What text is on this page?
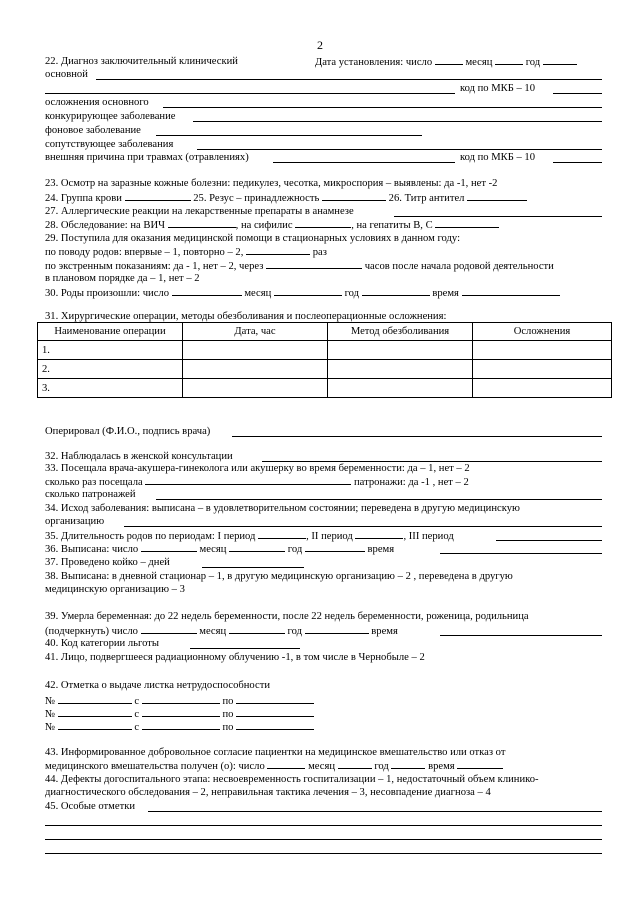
2
22. Диагноз заключительный клинический	Дата установления: число	месяц	год
основной
код по МКБ – 10
осложнения основного
конкурирующее заболевание
фоновое заболевание
сопутствующее заболевания
внешняя причина при травмах (отравлениях)	код по МКБ – 10
23. Осмотр на заразные кожные болезни: педикулез, чесотка, микроспория – выявлены: да -1, нет -2
24. Группа крови	25. Резус – принадлежность	26. Титр антител
27. Аллергические реакции на лекарственные препараты в анамнезе
28. Обследование: на ВИЧ	, на сифилис	, на гепатиты В, С
29. Поступила для оказания медицинской помощи в стационарных условиях в данном году:
по поводу родов: впервые – 1, повторно – 2,	раз
по экстренным показаниям: да - 1, нет – 2, через	часов после начала родовой деятельности
в плановом порядке да – 1, нет – 2
30. Роды произошли: число	месяц	год	время
31. Хирургические операции, методы обезболивания и послеоперационные осложнения:
Наименование операции	Дата, час	Метод обезболивания	Осложнения
1.			
2.			
3.			
Оперировал (Ф.И.О., подпись врача)
32. Наблюдалась в женской консультации
33. Посещала врача-акушера-гинеколога или акушерку во время беременности: да – 1, нет – 2
сколько раз посещала	патронажи: да -1 , нет – 2
сколько патронажей
34. Исход заболевания: выписана – в удовлетворительном состоянии; переведена в другую медицинскую
организацию
35. Длительность родов по периодам: I период	, II период	, III период
36. Выписана: число	месяц	год	время
37. Проведено койко – дней
38. Выписана: в дневной стационар – 1, в другую медицинскую организацию – 2 , переведена в другую
медицинскую организацию – 3
39. Умерла беременная: до 22 недель беременности, после 22 недель беременности, роженица, родильница
(подчеркнуть) число	месяц	год	время
40. Код категории льготы
41. Лицо, подвергшееся радиационному облучению -1, в том числе в Чернобыле – 2
42. Отметка о выдаче листка нетрудоспособности
№	с	по
№	с	по
№	с	по
43. Информированное добровольное согласие пациентки на медицинское вмешательство или отказ от
медицинского вмешательства получен (о): число	месяц	год	время
44. Дефекты догоспитального этапа: несвоевременность госпитализации – 1, недостаточный объем клинико-
диагностического обследования – 2, неправильная тактика лечения – 3, несовпадение диагноза – 4
45. Особые отметки
